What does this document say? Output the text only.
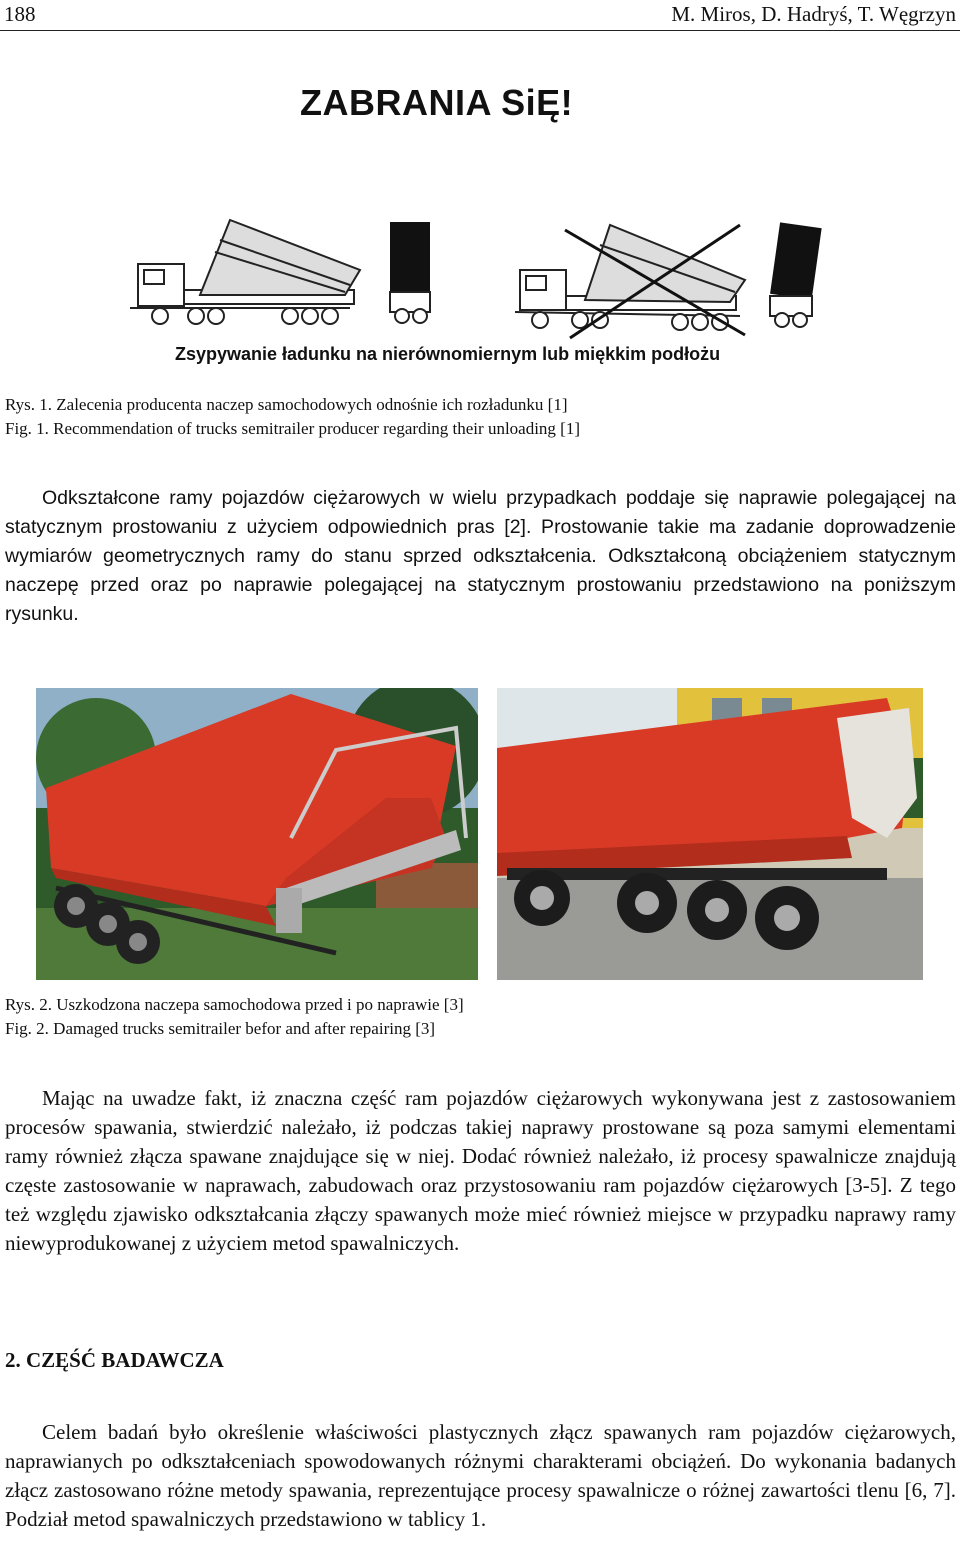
188	M. Miros, D. Hadryś, T. Węgrzyn
ZABRANIA SiĘ!
Zsypywanie ładunku na nierównomiernym lub miękkim podłożu
Rys. 1. Zalecenia producenta naczep samochodowych odnośnie ich rozładunku [1]
Fig. 1. Recommendation of trucks semitrailer producer regarding their unloading [1]

Odkształcone ramy pojazdów ciężarowych w wielu przypadkach poddaje się naprawie polegającej na statycznym prostowaniu z użyciem odpowiednich pras [2]. Prostowanie takie ma zadanie doprowadzenie wymiarów geometrycznych ramy do stanu sprzed odkształcenia. Odkształconą obciążeniem statycznym naczepę przed oraz po naprawie polegającej na statycznym prostowaniu przedstawiono na poniższym rysunku.

Rys. 2. Uszkodzona naczepa samochodowa przed i po naprawie [3]
Fig. 2. Damaged trucks semitrailer befor and after repairing [3]

Mając na uwadze fakt, iż znaczna część ram pojazdów ciężarowych wykonywana jest z zastosowaniem procesów spawania, stwierdzić należało, iż podczas takiej naprawy prostowane są poza samymi elementami ramy również złącza spawane znajdujące się w niej. Dodać również należało, iż procesy spawalnicze znajdują częste zastosowanie w naprawach, zabudowach oraz przystosowaniu ram pojazdów ciężarowych [3-5]. Z tego też względu zjawisko odkształcania złączy spawanych może mieć również miejsce w przypadku naprawy ramy niewyprodukowanej z użyciem metod spawalniczych.

2. CZĘŚĆ BADAWCZA

Celem badań było określenie właściwości plastycznych złącz spawanych ram pojazdów ciężarowych, naprawianych po odkształceniach spowodowanych różnymi charakterami obciążeń. Do wykonania badanych złącz zastosowano różne metody spawania, reprezentujące procesy spawalnicze o różnej zawartości tlenu [6, 7]. Podział metod spawalniczych przedstawiono w tablicy 1.
